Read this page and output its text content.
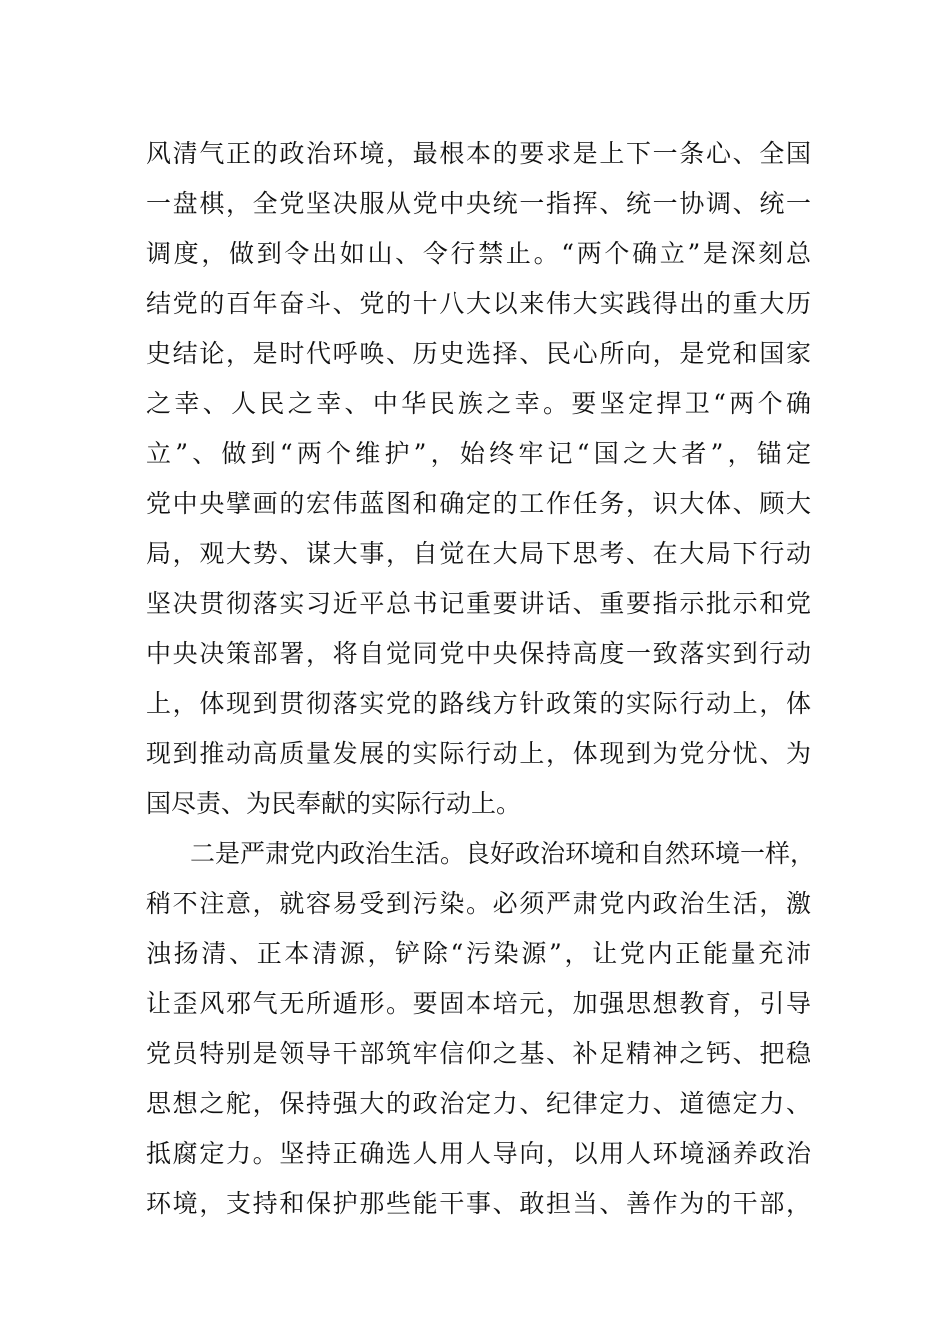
风清气正的政治环境，最根本的要求是上下一条心、全国
一盘棋，全党坚决服从党中央统一指挥、统一协调、统一
调度，做到令出如山、令行禁止。“两个确立”是深刻总
结党的百年奋斗、党的十八大以来伟大实践得出的重大历
史结论，是时代呼唤、历史选择、民心所向，是党和国家
之幸、人民之幸、中华民族之幸。要坚定捍卫“两个确
立”、做到“两个维护”，始终牢记“国之大者”，锚定
党中央擘画的宏伟蓝图和确定的工作任务，识大体、顾大
局，观大势、谋大事，自觉在大局下思考、在大局下行动
坚决贯彻落实习近平总书记重要讲话、重要指示批示和党
中央决策部署，将自觉同党中央保持高度一致落实到行动
上，体现到贯彻落实党的路线方针政策的实际行动上，体
现到推动高质量发展的实际行动上，体现到为党分忧、为
国尽责、为民奉献的实际行动上。
二是严肃党内政治生活。良好政治环境和自然环境一样，
稍不注意，就容易受到污染。必须严肃党内政治生活，激
浊扬清、正本清源，铲除“污染源”，让党内正能量充沛
让歪风邪气无所遁形。要固本培元，加强思想教育，引导
党员特别是领导干部筑牢信仰之基、补足精神之钙、把稳
思想之舵，保持强大的政治定力、纪律定力、道德定力、
抵腐定力。坚持正确选人用人导向，以用人环境涵养政治
环境，支持和保护那些能干事、敢担当、善作为的干部，
